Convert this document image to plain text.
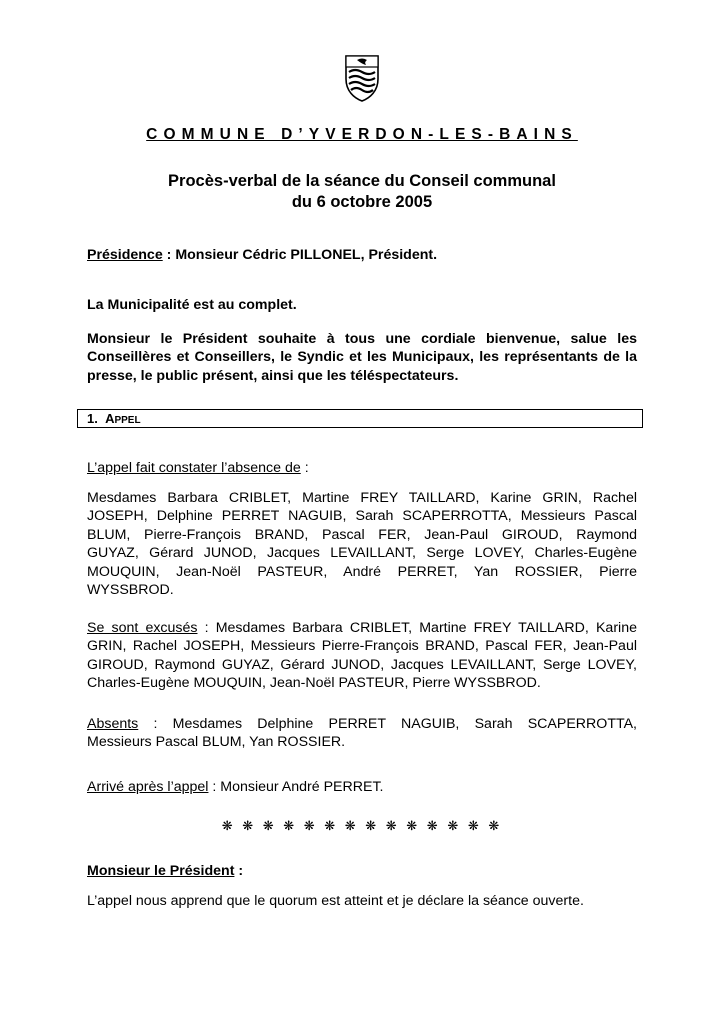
COMMUNE D’YVERDON-LES-BAINS
Procès-verbal de la séance du Conseil communal
du 6 octobre 2005
Présidence : Monsieur Cédric PILLONEL, Président.
La Municipalité est au complet.
Monsieur le Président souhaite à tous une cordiale bienvenue, salue les
Conseillères et Conseillers, le Syndic et les Municipaux, les représentants de la
presse, le public présent, ainsi que les téléspectateurs.
1. APPEL
L’appel fait constater l’absence de :
Mesdames Barbara CRIBLET, Martine FREY TAILLARD, Karine GRIN, Rachel
JOSEPH, Delphine PERRET NAGUIB, Sarah SCAPERROTTA, Messieurs Pascal
BLUM, Pierre-François BRAND, Pascal FER, Jean-Paul GIROUD, Raymond
GUYAZ, Gérard JUNOD, Jacques LEVAILLANT, Serge LOVEY, Charles-Eugène
MOUQUIN, Jean-Noël PASTEUR, André PERRET, Yan ROSSIER, Pierre
WYSSBROD.
Se sont excusés : Mesdames Barbara CRIBLET, Martine FREY TAILLARD, Karine
GRIN, Rachel JOSEPH, Messieurs Pierre-François BRAND, Pascal FER, Jean-Paul
GIROUD, Raymond GUYAZ, Gérard JUNOD, Jacques LEVAILLANT, Serge LOVEY,
Charles-Eugène MOUQUIN, Jean-Noël PASTEUR, Pierre WYSSBROD.
Absents : Mesdames Delphine PERRET NAGUIB, Sarah SCAPERROTTA,
Messieurs Pascal BLUM, Yan ROSSIER.
Arrivé après l’appel : Monsieur André PERRET.
❋ ❋ ❋ ❋ ❋ ❋ ❋ ❋ ❋ ❋ ❋ ❋ ❋ ❋
Monsieur le Président :
L’appel nous apprend que le quorum est atteint et je déclare la séance ouverte.
